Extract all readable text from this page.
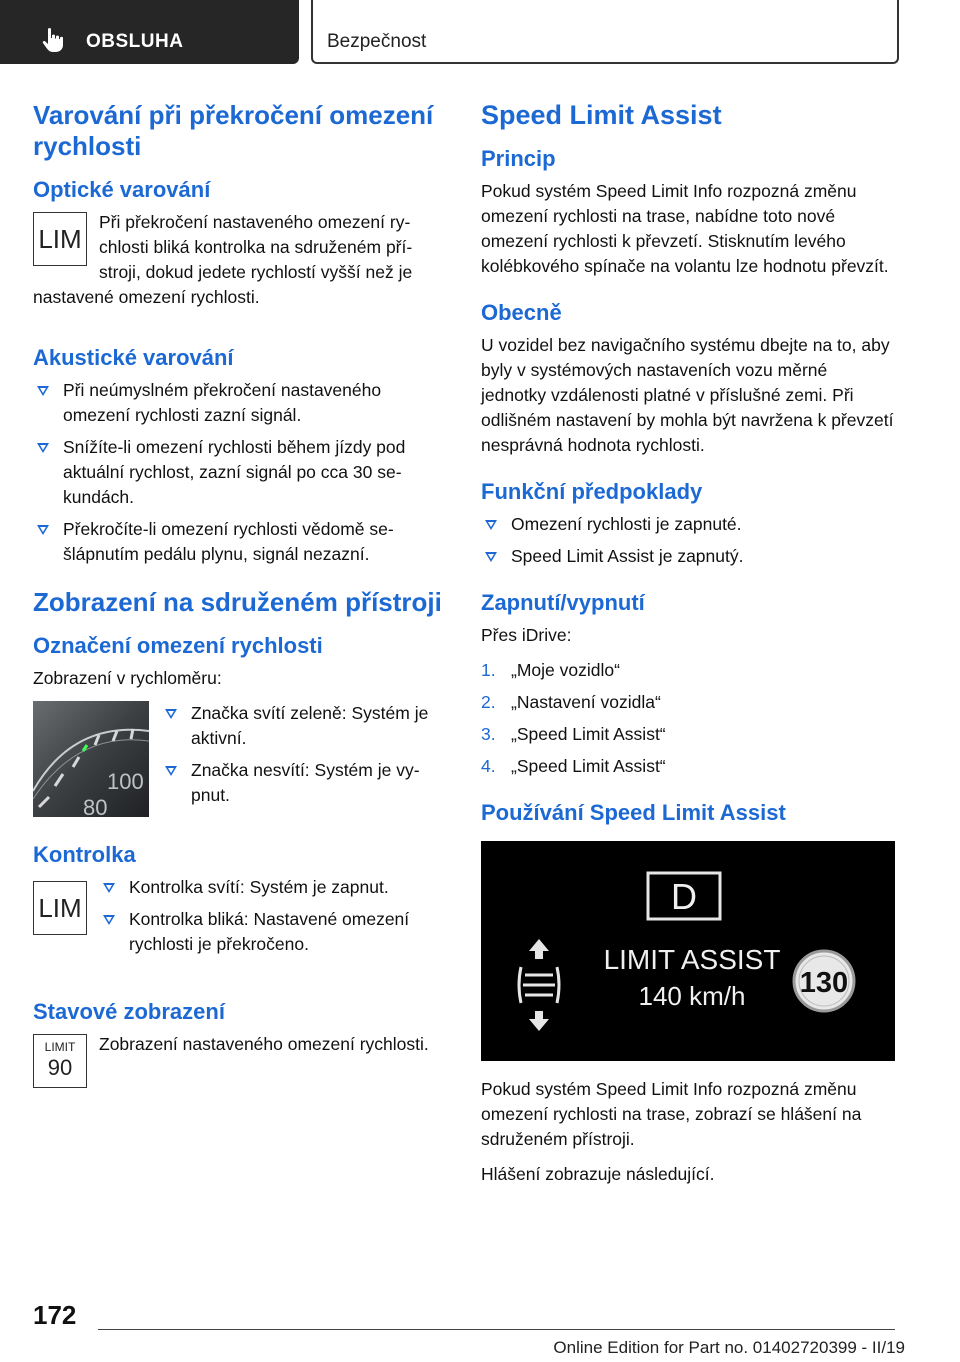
OBSLUHA	Bezpečnost
Varování při překročení omezení rychlosti
Optické varování
LIM

Při překročení nastaveného omezení rychlosti bliká kontrolka na sdruženém přístroji, dokud jedete rychlostí vyšší než je nastavené omezení rychlosti.

Akustické varování
Při neúmyslném překročení nastaveného omezení rychlosti zazní signál.
Snížíte-li omezení rychlosti během jízdy pod aktuální rychlost, zazní signál po cca 30 sekundách.
Překročíte-li omezení rychlosti vědomě sešlápnutím pedálu plynu, signál nezazní.
Zobrazení na sdruženém přístroji
Označení omezení rychlosti

Zobrazení v rychloměru:

100
80
Značka svítí zeleně: Systém je aktivní.
Značka nesvítí: Systém je vypnut.
Kontrolka
LIM
Kontrolka svítí: Systém je zapnut.
Kontrolka bliká: Nastavené omezení rychlosti je překročeno.
Stavové zobrazení
LIMIT
90

Zobrazení nastaveného omezení rychlosti.

Speed Limit Assist
Princip

Pokud systém Speed Limit Info rozpozná změnu omezení rychlosti na trase, nabídne toto nové omezení rychlosti k převzetí. Stisknutím levého kolébkového spínače na volantu lze hodnotu převzít.

Obecně

U vozidel bez navigačního systému dbejte na to, aby byly v systémových nastaveních vozu měrné jednotky vzdálenosti platné v příslušné zemi. Při odlišném nastavení by mohla být navržena k převzetí nesprávná hodnota rychlosti.

Funkční předpoklady
Omezení rychlosti je zapnuté.
Speed Limit Assist je zapnutý.
Zapnutí/vypnutí

Přes iDrive:

1. „Moje vozidlo“
2. „Nastavení vozidla“
3. „Speed Limit Assist“
4. „Speed Limit Assist“
Používání Speed Limit Assist
D
LIMIT ASSIST
140 km/h 130

Pokud systém Speed Limit Info rozpozná změnu omezení rychlosti na trase, zobrazí se hlášení na sdruženém přístroji.

Hlášení zobrazuje následující.

172
Online Edition for Part no. 01402720399 - II/19
